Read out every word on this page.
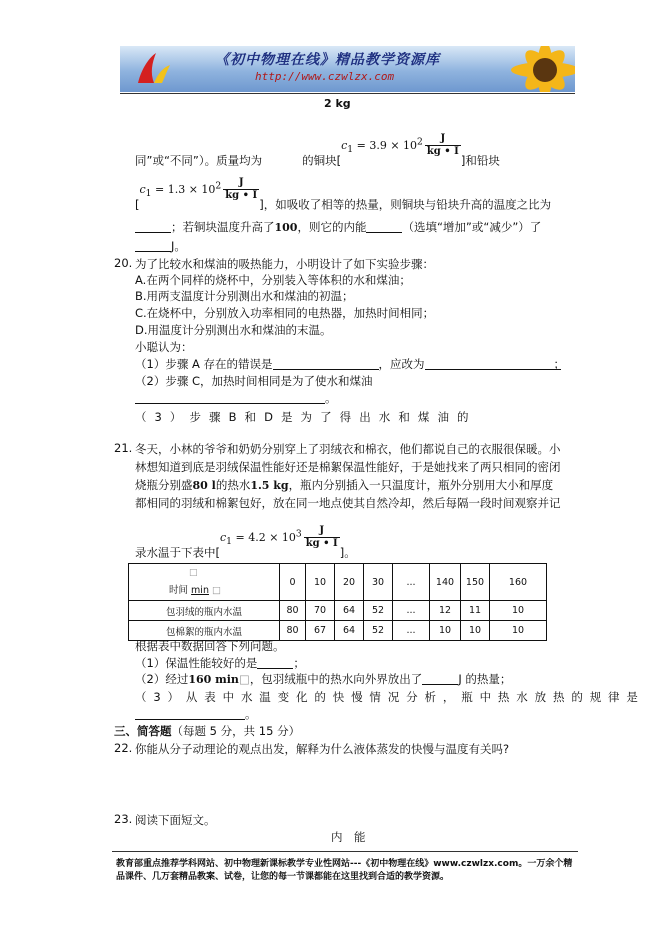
《初中物理在线》精品教学资源库
http://www.czwlzx.com
2 kg
同”或“不同”）。质量均为	的铜块[$c_1 = 3.9 \times 10^2 \frac{J}{kg • I}$
]和铅块
[$c_1 = 1.3 \times 10^2 \frac{J}{kg • I}$
]，如吸收了相等的热量，则铜块与铅块升高的温度之比为
；若铜块温度升高了100，则它的内能	（选填“增加”或“减少”）了
J。
20. 为了比较水和煤油的吸热能力，小明设计了如下实验步骤：
A.在两个同样的烧杯中，分别装入等体积的水和煤油；
B.用两支温度计分别测出水和煤油的初温；
C.在烧杯中，分别放入功率相同的电热器，加热时间相同；
D.用温度计分别测出水和煤油的末温。
小聪认为：
（1）步骤 A 存在的错误是	，应改为	；
（2）步骤 C，加热时间相同是为了使水和煤油
。
（ 3 ） 步 骤 B 和 D 是 为 了 得 出 水 和 煤 油 的
21. 冬天，小林的爷爷和奶奶分别穿上了羽绒衣和棉衣，他们都说自己的衣服很保暖。小
林想知道到底是羽绒保温性能好还是棉絮保温性能好，于是她找来了两只相同的密闭
烧瓶分别盛80 l的热水1.5 kg，瓶内分别插入一只温度计，瓶外分别用大小和厚度
都相同的羽绒和棉絮包好，放在同一地点使其自然冷却，然后每隔一段时间观察并记
录水温于下表中[$c_1 = 4.2 \times 10^3 \frac{J}{kg • I}$
]。
□
时间 min □	0	10	20	30	...	140	150	160
包羽绒的瓶内水温	80	70	64	52	...	12	11	10
包棉絮的瓶内水温	80	67	64	52	...	10	10	10
根据表中数据回答下列问题。
（1）保温性能较好的是	；
（2）经过160 min□，包羽绒瓶中的热水向外界放出了	J 的热量；
（ 3 ） 从 表 中 水 温 变 化 的 快 慢 情 况 分 析 ， 瓶 中 热 水 放 热 的 规 律 是
。
三、简答题（每题 5 分，共 15 分）
22. 你能从分子动理论的观点出发，解释为什么液体蒸发的快慢与温度有关吗?
23. 阅读下面短文。
内　能
教育部重点推荐学科网站、初中物理新课标教学专业性网站---《初中物理在线》www.czwlzx.com。一万余个精品课件、几万套精品教案、试卷，让您的每一节课都能在这里找到合适的教学资源。
